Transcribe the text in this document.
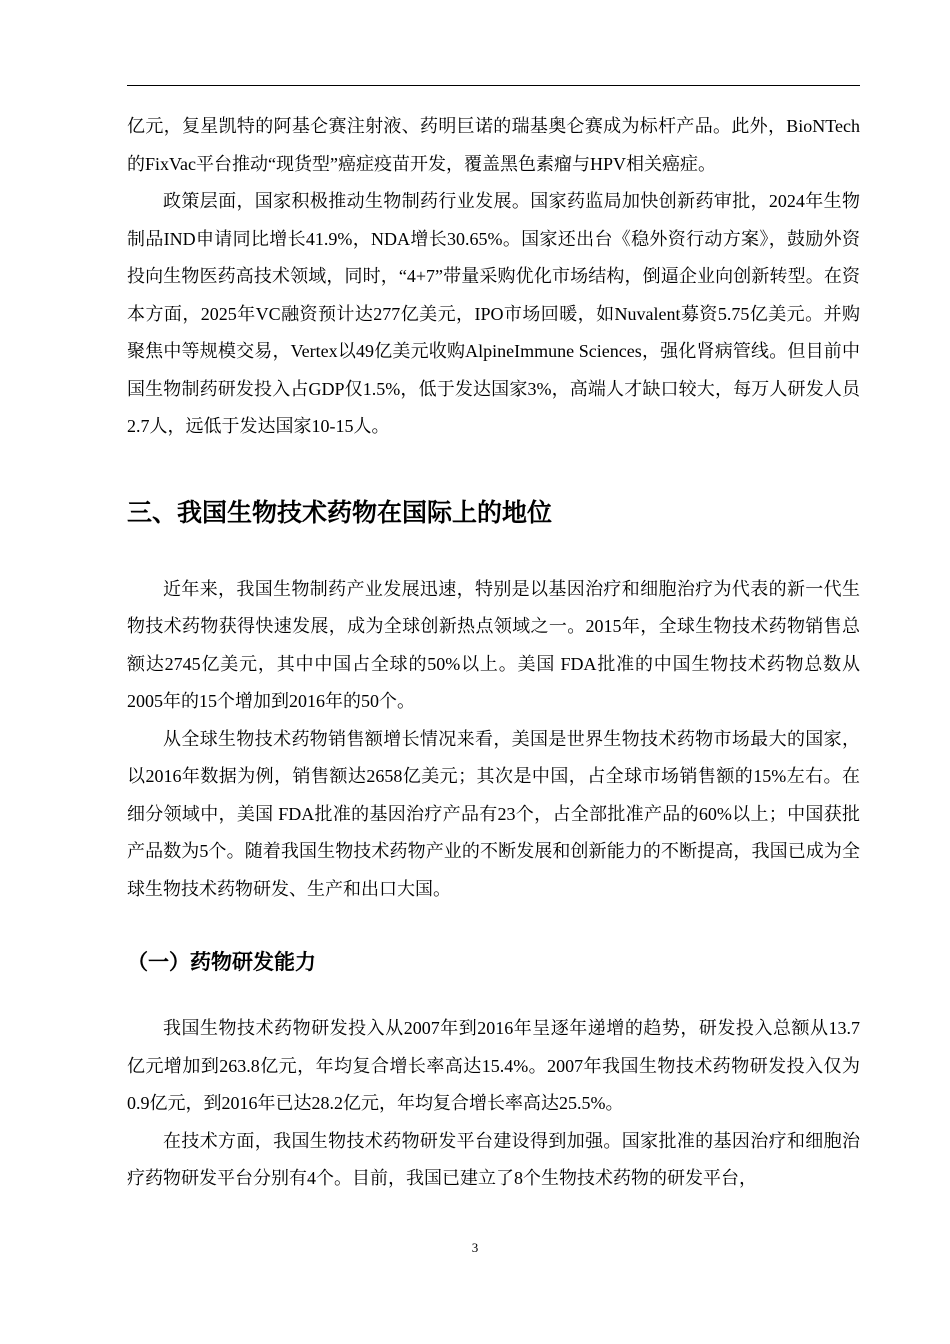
亿元，复星凯特的阿基仑赛注射液、药明巨诺的瑞基奥仑赛成为标杆产品。此外，BioNTech的FixVac平台推动“现货型”癌症疫苗开发，覆盖黑色素瘤与HPV相关癌症。

政策层面，国家积极推动生物制药行业发展。国家药监局加快创新药审批，2024年生物制品IND申请同比增长41.9%，NDA增长30.65%。国家还出台《稳外资行动方案》，鼓励外资投向生物医药高技术领域，同时，“4+7”带量采购优化市场结构，倒逼企业向创新转型。在资本方面，2025年VC融资预计达277亿美元，IPO市场回暖，如Nuvalent募资5.75亿美元。并购聚焦中等规模交易，Vertex以49亿美元收购AlpineImmune Sciences，强化肾病管线。但目前中国生物制药研发投入占GDP仅1.5%，低于发达国家3%，高端人才缺口较大，每万人研发人员2.7人，远低于发达国家10-15人。

三、我国生物技术药物在国际上的地位

近年来，我国生物制药产业发展迅速，特别是以基因治疗和细胞治疗为代表的新一代生物技术药物获得快速发展，成为全球创新热点领域之一。2015年，全球生物技术药物销售总额达2745亿美元，其中中国占全球的50%以上。美国 FDA批准的中国生物技术药物总数从2005年的15个增加到2016年的50个。

从全球生物技术药物销售额增长情况来看，美国是世界生物技术药物市场最大的国家，以2016年数据为例，销售额达2658亿美元；其次是中国，占全球市场销售额的15%左右。在细分领域中，美国 FDA批准的基因治疗产品有23个，占全部批准产品的60%以上；中国获批产品数为5个。随着我国生物技术药物产业的不断发展和创新能力的不断提高，我国已成为全球生物技术药物研发、生产和出口大国。

（一）药物研发能力

我国生物技术药物研发投入从2007年到2016年呈逐年递增的趋势，研发投入总额从13.7亿元增加到263.8亿元，年均复合增长率高达15.4%。2007年我国生物技术药物研发投入仅为0.9亿元，到2016年已达28.2亿元，年均复合增长率高达25.5%。

在技术方面，我国生物技术药物研发平台建设得到加强。国家批准的基因治疗和细胞治疗药物研发平台分别有4个。目前，我国已建立了8个生物技术药物的研发平台，

3
